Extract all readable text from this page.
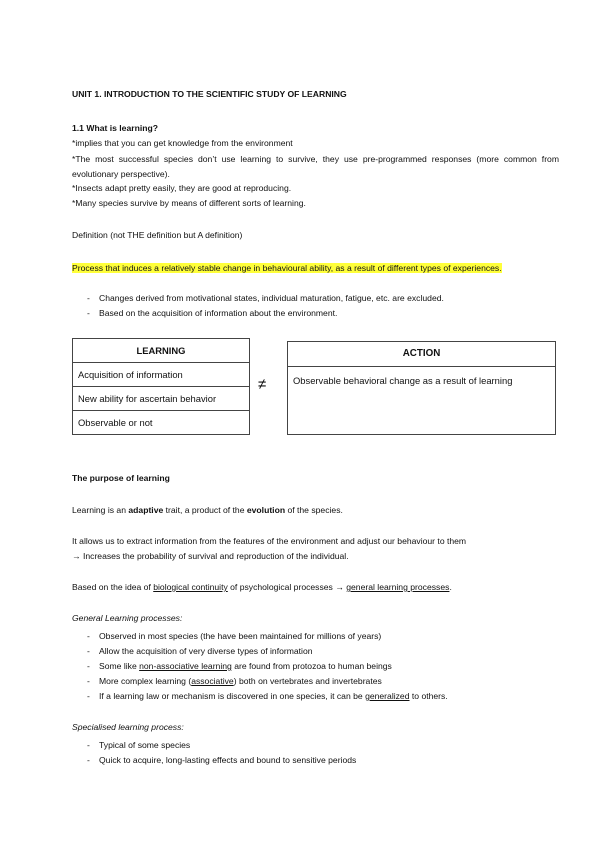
UNIT 1. INTRODUCTION TO THE SCIENTIFIC STUDY OF LEARNING
1.1 What is learning?
*implies that you can get knowledge from the environment
*The most successful species don’t use learning to survive, they use pre-programmed responses (more common from evolutionary perspective).
*Insects adapt pretty easily, they are good at reproducing.
*Many species survive by means of different sorts of learning.
Definition (not THE definition but A definition)
Process that induces a relatively stable change in behavioural ability, as a result of different types of experiences.
- Changes derived from motivational states, individual maturation, fatigue, etc. are excluded.
- Based on the acquisition of information about the environment.
LEARNING
Acquisition of information
New ability for ascertain behavior
Observable or not
≠
ACTION
Observable behavioral change as a result of learning
The purpose of learning
Learning is an adaptive trait, a product of the evolution of the species.
It allows us to extract information from the features of the environment and adjust our behaviour to them
→ Increases the probability of survival and reproduction of the individual.
Based on the idea of biological continuity of psychological processes → general learning processes.
General Learning processes:
- Observed in most species (the have been maintained for millions of years)
- Allow the acquisition of very diverse types of information
- Some like non-associative learning are found from protozoa to human beings
- More complex learning (associative) both on vertebrates and invertebrates
- If a learning law or mechanism is discovered in one species, it can be generalized to others.
Specialised learning process:
- Typical of some species
- Quick to acquire, long-lasting effects and bound to sensitive periods
